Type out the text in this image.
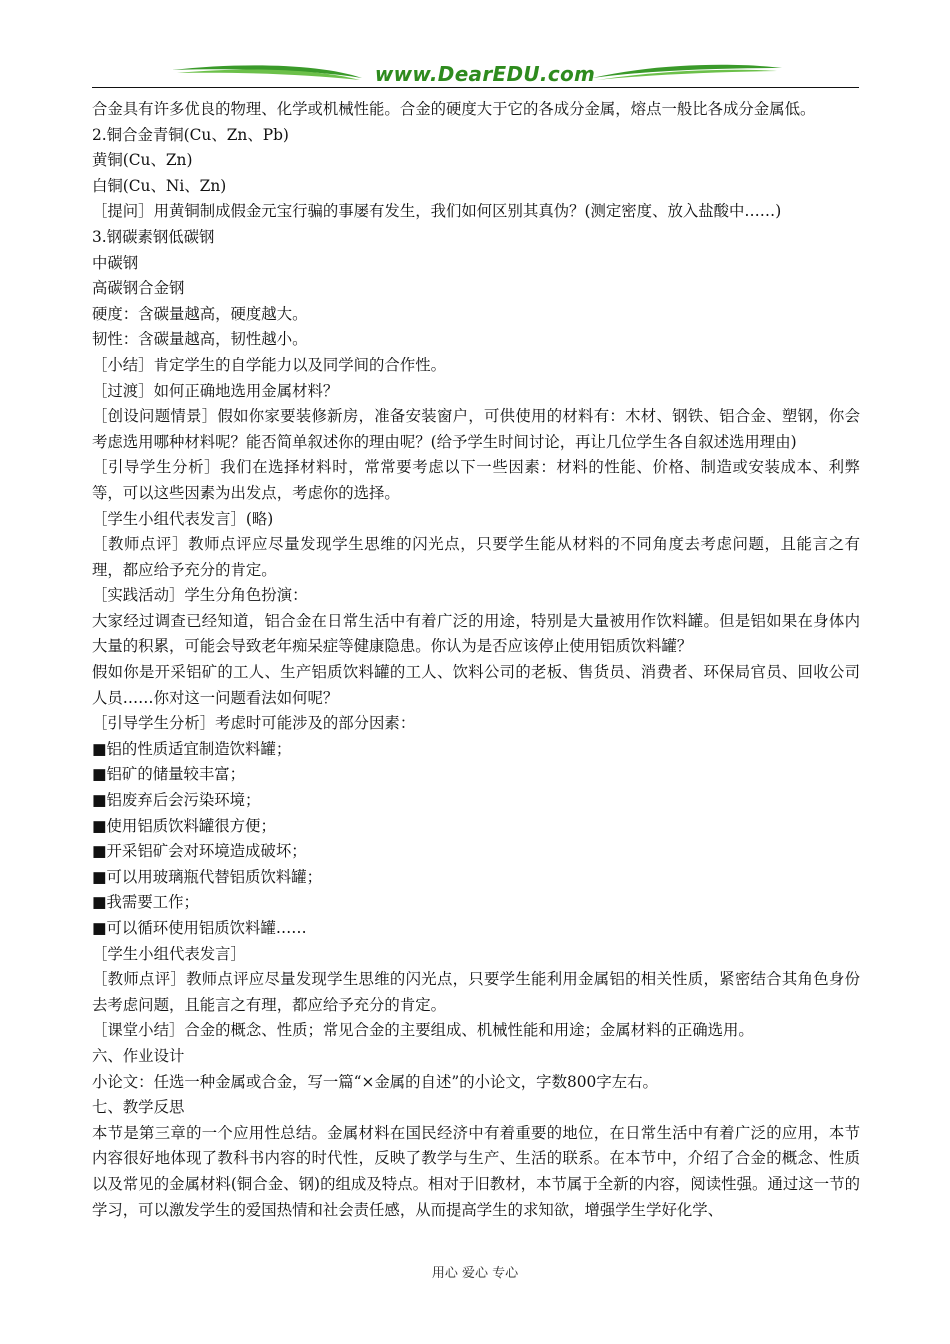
www.DearEDU.com

合金具有许多优良的物理、化学或机械性能。合金的硬度大于它的各成分金属，熔点一般比各成分金属低。

2.铜合金青铜(Cu、Zn、Pb)

黄铜(Cu、Zn)

白铜(Cu、Ni、Zn)

［提问］用黄铜制成假金元宝行骗的事屡有发生，我们如何区别其真伪？(测定密度、放入盐酸中……)

3.钢碳素钢低碳钢

中碳钢

高碳钢合金钢

硬度：含碳量越高，硬度越大。

韧性：含碳量越高，韧性越小。

［小结］肯定学生的自学能力以及同学间的合作性。

［过渡］如何正确地选用金属材料？

［创设问题情景］假如你家要装修新房，准备安装窗户，可供使用的材料有：木材、钢铁、铝合金、塑钢，你会考虑选用哪种材料呢？能否简单叙述你的理由呢？(给予学生时间讨论，再让几位学生各自叙述选用理由)

［引导学生分析］我们在选择材料时，常常要考虑以下一些因素：材料的性能、价格、制造或安装成本、利弊等，可以这些因素为出发点，考虑你的选择。

［学生小组代表发言］(略)

［教师点评］教师点评应尽量发现学生思维的闪光点，只要学生能从材料的不同角度去考虑问题，且能言之有理，都应给予充分的肯定。

［实践活动］学生分角色扮演：

大家经过调查已经知道，铝合金在日常生活中有着广泛的用途，特别是大量被用作饮料罐。但是铝如果在身体内大量的积累，可能会导致老年痴呆症等健康隐患。你认为是否应该停止使用铝质饮料罐？

假如你是开采铝矿的工人、生产铝质饮料罐的工人、饮料公司的老板、售货员、消费者、环保局官员、回收公司人员……你对这一问题看法如何呢？

［引导学生分析］考虑时可能涉及的部分因素：

■铝的性质适宜制造饮料罐；

■铝矿的储量较丰富；

■铝废弃后会污染环境；

■使用铝质饮料罐很方便；

■开采铝矿会对环境造成破坏；

■可以用玻璃瓶代替铝质饮料罐；

■我需要工作；

■可以循环使用铝质饮料罐……

［学生小组代表发言］

［教师点评］教师点评应尽量发现学生思维的闪光点，只要学生能利用金属铝的相关性质，紧密结合其角色身份去考虑问题，且能言之有理，都应给予充分的肯定。

［课堂小结］合金的概念、性质；常见合金的主要组成、机械性能和用途；金属材料的正确选用。

六、作业设计

小论文：任选一种金属或合金，写一篇“×金属的自述”的小论文，字数800字左右。

七、教学反思

本节是第三章的一个应用性总结。金属材料在国民经济中有着重要的地位，在日常生活中有着广泛的应用，本节内容很好地体现了教科书内容的时代性，反映了教学与生产、生活的联系。在本节中，介绍了合金的概念、性质以及常见的金属材料(铜合金、钢)的组成及特点。相对于旧教材，本节属于全新的内容，阅读性强。通过这一节的学习，可以激发学生的爱国热情和社会责任感，从而提高学生的求知欲，增强学生学好化学、

用心 爱心 专心
